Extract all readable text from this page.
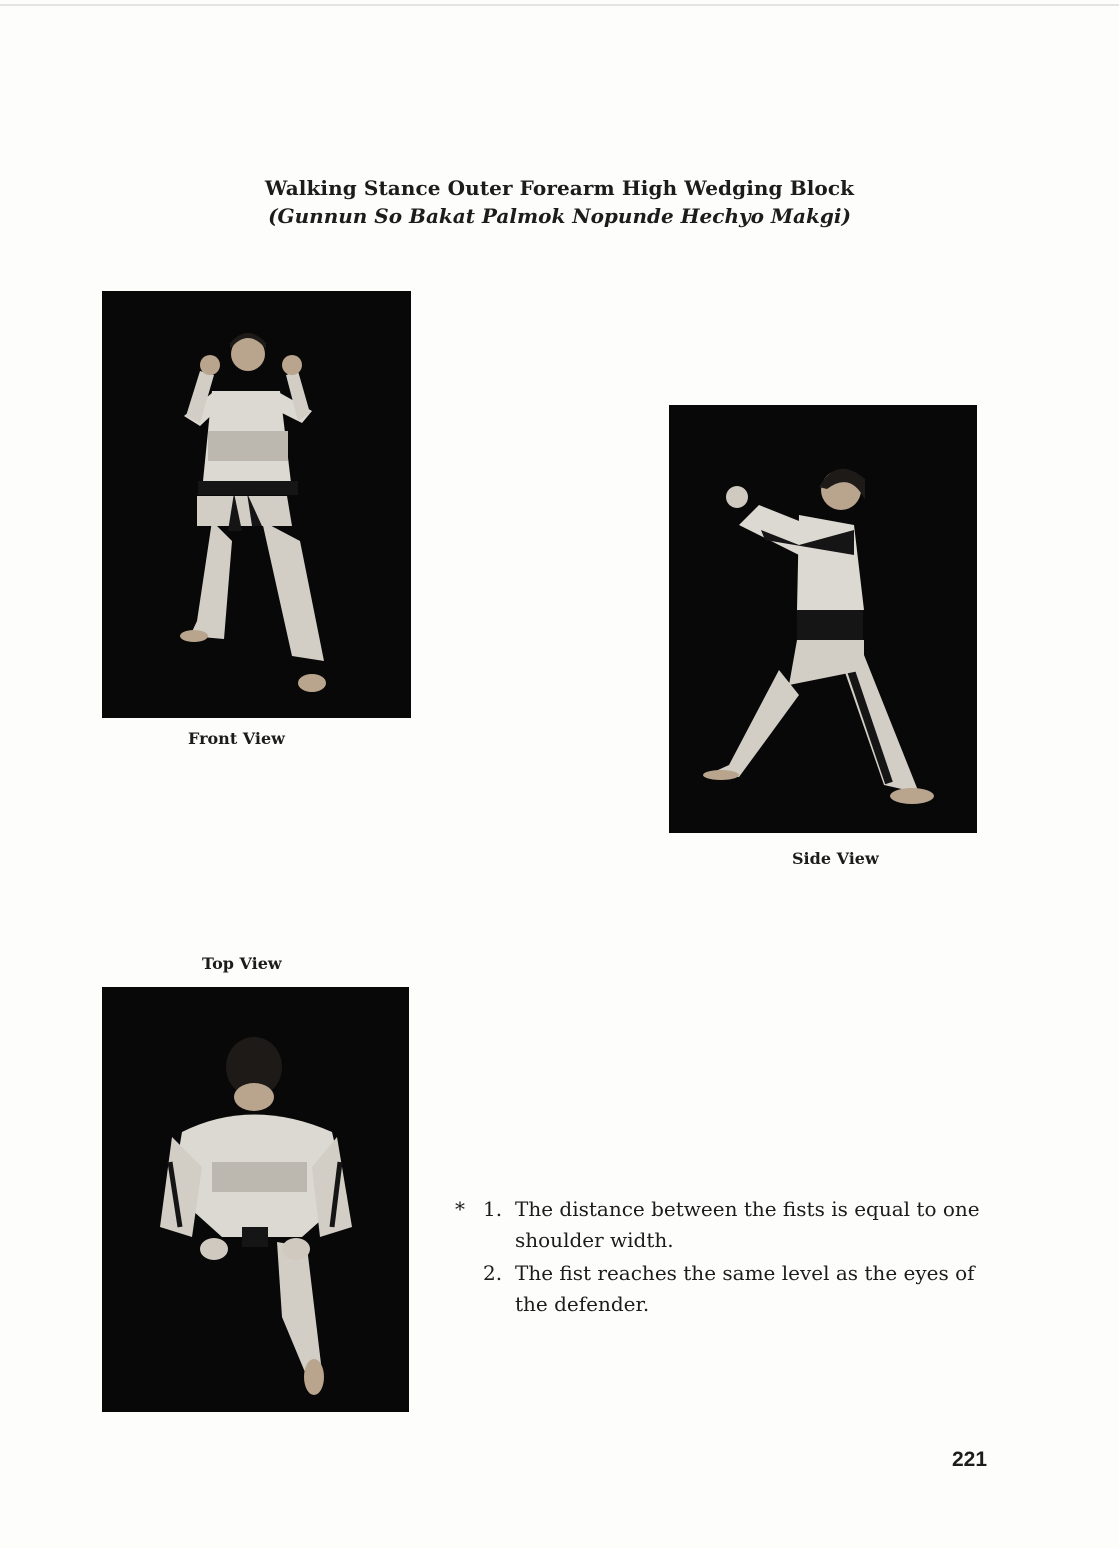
Walking Stance Outer Forearm High Wedging Block
(Gunnun So Bakat Palmok Nopunde Hechyo Makgi)
Front View
Side View
Top View
* 1. The distance between the fists is equal to one shoulder width.
2. The fist reaches the same level as the eyes of the defender.
221
